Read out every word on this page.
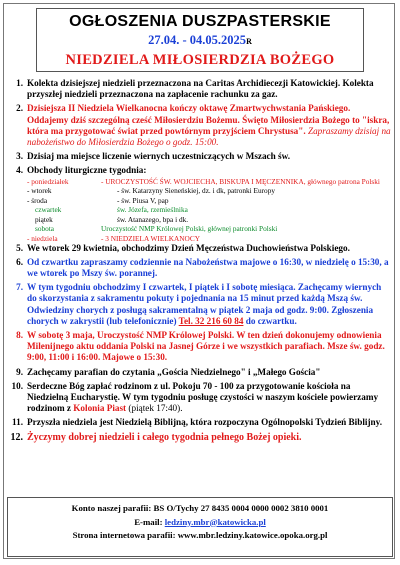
OGŁOSZENIA DUSZPASTERSKIE
27.04. - 04.05.2025R
NIEDZIELA MIŁOSIERDZIA BOŻEGO
1. Kolekta dzisiejszej niedzieli przeznaczona na Caritas Archidiecezji Katowickiej. Kolekta przyszłej niedzieli przeznaczona na zapłacenie rachunku za gaz.
2. Dzisiejsza II Niedziela Wielkanocna kończy oktawę Zmartwychwstania Pańskiego. Oddajemy dziś szczególną cześć Miłosierdziu Bożemu. Święto Miłosierdzia Bożego to "iskra, która ma przygotować świat przed powtórnym przyjściem Chrystusa". Zapraszamy dzisiaj na nabożeństwo do Miłosierdzia Bożego o godz. 15:00.
3. Dzisiaj ma miejsce liczenie wiernych uczestniczących w Mszach św.
4. Obchody liturgiczne tygodnia:
- poniedziałek	- UROCZYSTOŚĆ ŚW. WOJCIECHA, BISKUPA I MĘCZENNIKA, głównego patrona Polski
- wtorek	- św. Katarzyny Sieneńskiej, dz. i dk, patronki Europy
- środa	- św. Piusa V, pap
czwartek	św. Józefa, rzemieślnika
piątek	św. Atanazego, bpa i dk.
sobota	Uroczystość NMP Królowej Polski, głównej patronki Polski
- niedziela	- 3 NIEDZIELA WIELKANOCY
5. We wtorek 29 kwietnia, obchodzimy Dzień Męczeństwa Duchowieństwa Polskiego.
6. Od czwartku zapraszamy codziennie na Nabożeństwa majowe o 16:30, w niedzielę o 15:30, a we wtorek po Mszy św. porannej.
7. W tym tygodniu obchodzimy I czwartek, I piątek i I sobotę miesiąca. Zachęcamy wiernych do skorzystania z sakramentu pokuty i pojednania na 15 minut przed każdą Mszą św. Odwiedziny chorych z posługą sakramentalną w piątek 2 maja od godz. 9:00. Zgłoszenia chorych w zakrystii (lub telefonicznie) Tel. 32 216 60 84 do czwartku.
8. W sobotę 3 maja, Uroczystość NMP Królowej Polski. W ten dzień dokonujemy odnowienia Milenijnego aktu oddania Polski na Jasnej Górze i we wszystkich parafiach. Msze św. godz. 9:00, 11:00 i 16:00. Majowe o 15:30.
9. Zachęcamy parafian do czytania „Gościa Niedzielnego" i „Małego Gościa"
10. Serdeczne Bóg zapłać rodzinom z ul. Pokoju 70 - 100 za przygotowanie kościoła na Niedzielną Eucharystię. W tym tygodniu posługę czystości w naszym kościele powierzamy rodzinom z Kolonia Piast (piątek 17:40).
11. Przyszła niedziela jest Niedzielą Biblijną, która rozpoczyna Ogólnopolski Tydzień Biblijny.
12. Życzymy dobrej niedzieli i całego tygodnia pełnego Bożej opieki.
Konto naszej parafii: BS O/Tychy 27 8435 0004 0000 0002 3810 0001
E-mail: ledziny.mbr@katowicka.pl
Strona internetowa parafii: www.mbr.ledziny.katowice.opoka.org.pl
